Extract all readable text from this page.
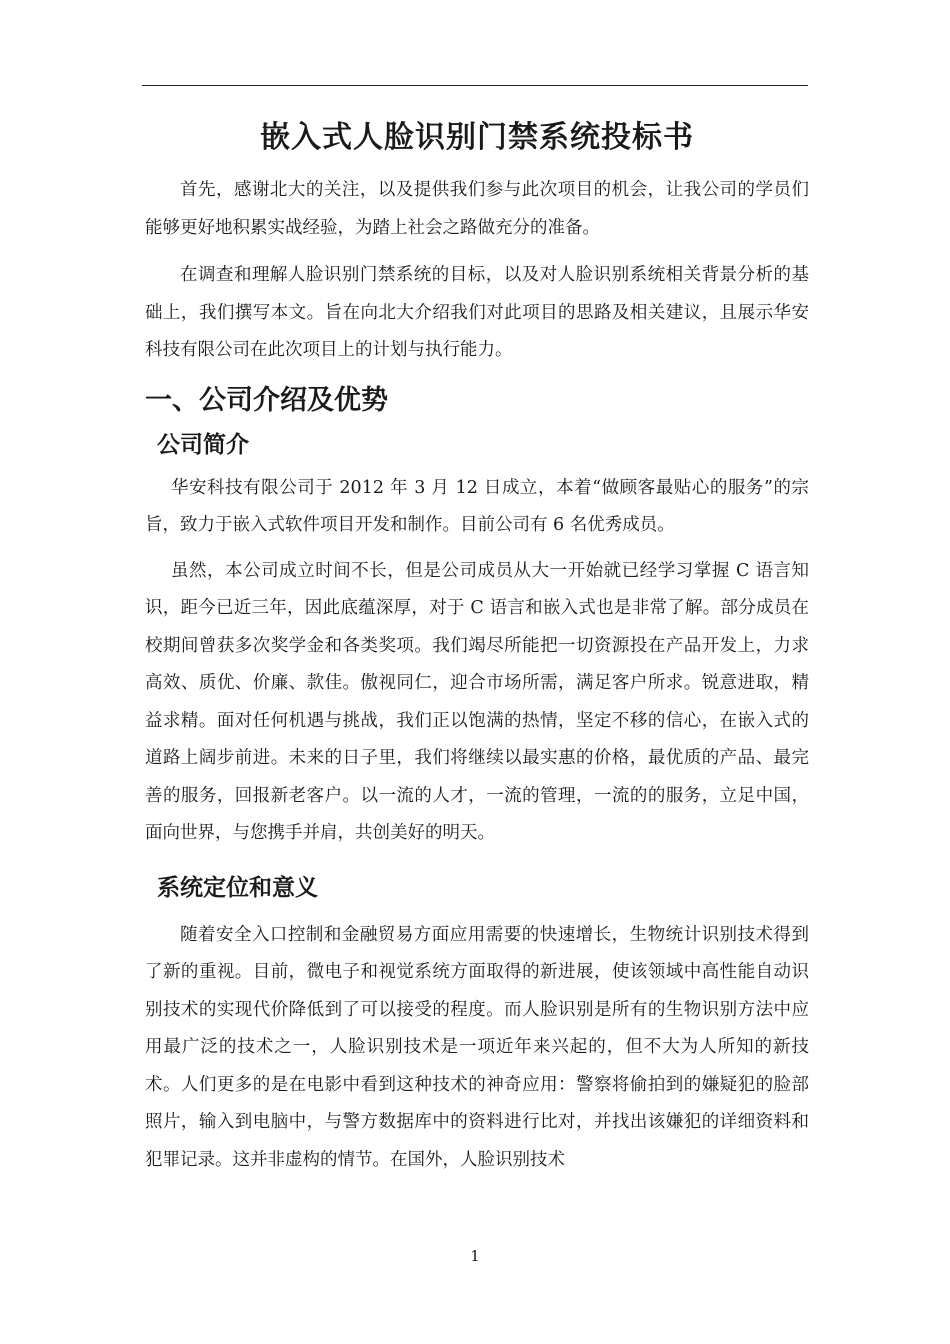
嵌入式人脸识别门禁系统投标书

首先，感谢北大的关注，以及提供我们参与此次项目的机会，让我公司的学员们能够更好地积累实战经验，为踏上社会之路做充分的准备。

在调查和理解人脸识别门禁系统的目标，以及对人脸识别系统相关背景分析的基础上，我们撰写本文。旨在向北大介绍我们对此项目的思路及相关建议，且展示华安科技有限公司在此次项目上的计划与执行能力。

一、公司介绍及优势
公司简介

华安科技有限公司于 2012 年 3 月 12 日成立，本着“做顾客最贴心的服务”的宗旨，致力于嵌入式软件项目开发和制作。目前公司有 6 名优秀成员。

虽然，本公司成立时间不长，但是公司成员从大一开始就已经学习掌握 C 语言知识，距今已近三年，因此底蕴深厚，对于 C 语言和嵌入式也是非常了解。部分成员在校期间曾获多次奖学金和各类奖项。我们竭尽所能把一切资源投在产品开发上，力求高效、质优、价廉、款佳。傲视同仁，迎合市场所需，满足客户所求。锐意进取，精益求精。面对任何机遇与挑战，我们正以饱满的热情，坚定不移的信心，在嵌入式的道路上阔步前进。未来的日子里，我们将继续以最实惠的价格，最优质的产品、最完善的服务，回报新老客户。以一流的人才，一流的管理，一流的的服务，立足中国，面向世界，与您携手并肩，共创美好的明天。

系统定位和意义

随着安全入口控制和金融贸易方面应用需要的快速增长，生物统计识别技术得到了新的重视。目前，微电子和视觉系统方面取得的新进展，使该领域中高性能自动识别技术的实现代价降低到了可以接受的程度。而人脸识别是所有的生物识别方法中应用最广泛的技术之一，人脸识别技术是一项近年来兴起的，但不大为人所知的新技术。人们更多的是在电影中看到这种技术的神奇应用：警察将偷拍到的嫌疑犯的脸部照片，输入到电脑中，与警方数据库中的资料进行比对，并找出该嫌犯的详细资料和犯罪记录。这并非虚构的情节。在国外，人脸识别技术

1
